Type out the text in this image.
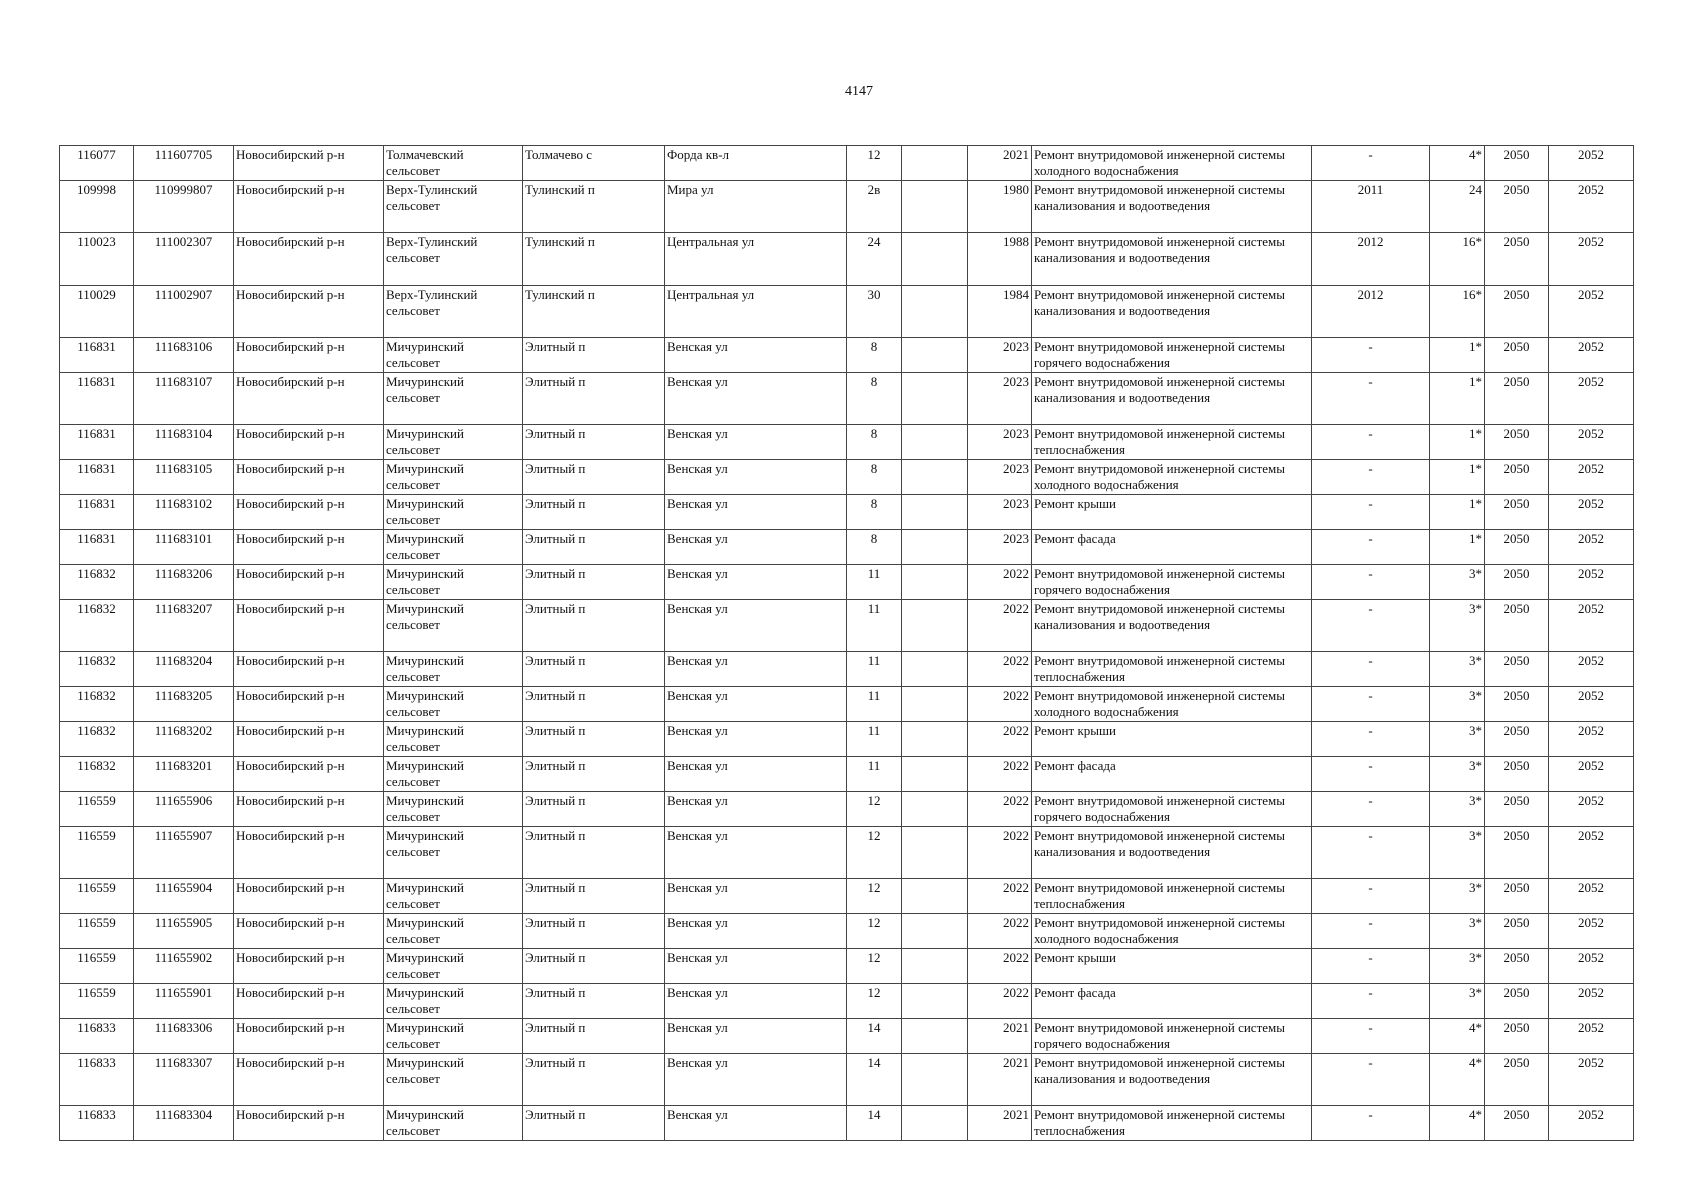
4147
116077	111607705	Новосибирский р-н	Толмачевский сельсовет	Толмачево с	Форда кв-л	12		2021	Ремонт внутридомовой инженерной системы холодного водоснабжения	-	4*	2050	2052
109998	110999807	Новосибирский р-н	Верх-Тулинский сельсовет	Тулинский п	Мира ул	2в		1980	Ремонт внутридомовой инженерной системы канализования и водоотведения	2011	24	2050	2052
110023	111002307	Новосибирский р-н	Верх-Тулинский сельсовет	Тулинский п	Центральная ул	24		1988	Ремонт внутридомовой инженерной системы канализования и водоотведения	2012	16*	2050	2052
110029	111002907	Новосибирский р-н	Верх-Тулинский сельсовет	Тулинский п	Центральная ул	30		1984	Ремонт внутридомовой инженерной системы канализования и водоотведения	2012	16*	2050	2052
116831	111683106	Новосибирский р-н	Мичуринский сельсовет	Элитный п	Венская ул	8		2023	Ремонт внутридомовой инженерной системы горячего водоснабжения	-	1*	2050	2052
116831	111683107	Новосибирский р-н	Мичуринский сельсовет	Элитный п	Венская ул	8		2023	Ремонт внутридомовой инженерной системы канализования и водоотведения	-	1*	2050	2052
116831	111683104	Новосибирский р-н	Мичуринский сельсовет	Элитный п	Венская ул	8		2023	Ремонт внутридомовой инженерной системы теплоснабжения	-	1*	2050	2052
116831	111683105	Новосибирский р-н	Мичуринский сельсовет	Элитный п	Венская ул	8		2023	Ремонт внутридомовой инженерной системы холодного водоснабжения	-	1*	2050	2052
116831	111683102	Новосибирский р-н	Мичуринский сельсовет	Элитный п	Венская ул	8		2023	Ремонт крыши	-	1*	2050	2052
116831	111683101	Новосибирский р-н	Мичуринский сельсовет	Элитный п	Венская ул	8		2023	Ремонт фасада	-	1*	2050	2052
116832	111683206	Новосибирский р-н	Мичуринский сельсовет	Элитный п	Венская ул	11		2022	Ремонт внутридомовой инженерной системы горячего водоснабжения	-	3*	2050	2052
116832	111683207	Новосибирский р-н	Мичуринский сельсовет	Элитный п	Венская ул	11		2022	Ремонт внутридомовой инженерной системы канализования и водоотведения	-	3*	2050	2052
116832	111683204	Новосибирский р-н	Мичуринский сельсовет	Элитный п	Венская ул	11		2022	Ремонт внутридомовой инженерной системы теплоснабжения	-	3*	2050	2052
116832	111683205	Новосибирский р-н	Мичуринский сельсовет	Элитный п	Венская ул	11		2022	Ремонт внутридомовой инженерной системы холодного водоснабжения	-	3*	2050	2052
116832	111683202	Новосибирский р-н	Мичуринский сельсовет	Элитный п	Венская ул	11		2022	Ремонт крыши	-	3*	2050	2052
116832	111683201	Новосибирский р-н	Мичуринский сельсовет	Элитный п	Венская ул	11		2022	Ремонт фасада	-	3*	2050	2052
116559	111655906	Новосибирский р-н	Мичуринский сельсовет	Элитный п	Венская ул	12		2022	Ремонт внутридомовой инженерной системы горячего водоснабжения	-	3*	2050	2052
116559	111655907	Новосибирский р-н	Мичуринский сельсовет	Элитный п	Венская ул	12		2022	Ремонт внутридомовой инженерной системы канализования и водоотведения	-	3*	2050	2052
116559	111655904	Новосибирский р-н	Мичуринский сельсовет	Элитный п	Венская ул	12		2022	Ремонт внутридомовой инженерной системы теплоснабжения	-	3*	2050	2052
116559	111655905	Новосибирский р-н	Мичуринский сельсовет	Элитный п	Венская ул	12		2022	Ремонт внутридомовой инженерной системы холодного водоснабжения	-	3*	2050	2052
116559	111655902	Новосибирский р-н	Мичуринский сельсовет	Элитный п	Венская ул	12		2022	Ремонт крыши	-	3*	2050	2052
116559	111655901	Новосибирский р-н	Мичуринский сельсовет	Элитный п	Венская ул	12		2022	Ремонт фасада	-	3*	2050	2052
116833	111683306	Новосибирский р-н	Мичуринский сельсовет	Элитный п	Венская ул	14		2021	Ремонт внутридомовой инженерной системы горячего водоснабжения	-	4*	2050	2052
116833	111683307	Новосибирский р-н	Мичуринский сельсовет	Элитный п	Венская ул	14		2021	Ремонт внутридомовой инженерной системы канализования и водоотведения	-	4*	2050	2052
116833	111683304	Новосибирский р-н	Мичуринский сельсовет	Элитный п	Венская ул	14		2021	Ремонт внутридомовой инженерной системы теплоснабжения	-	4*	2050	2052
